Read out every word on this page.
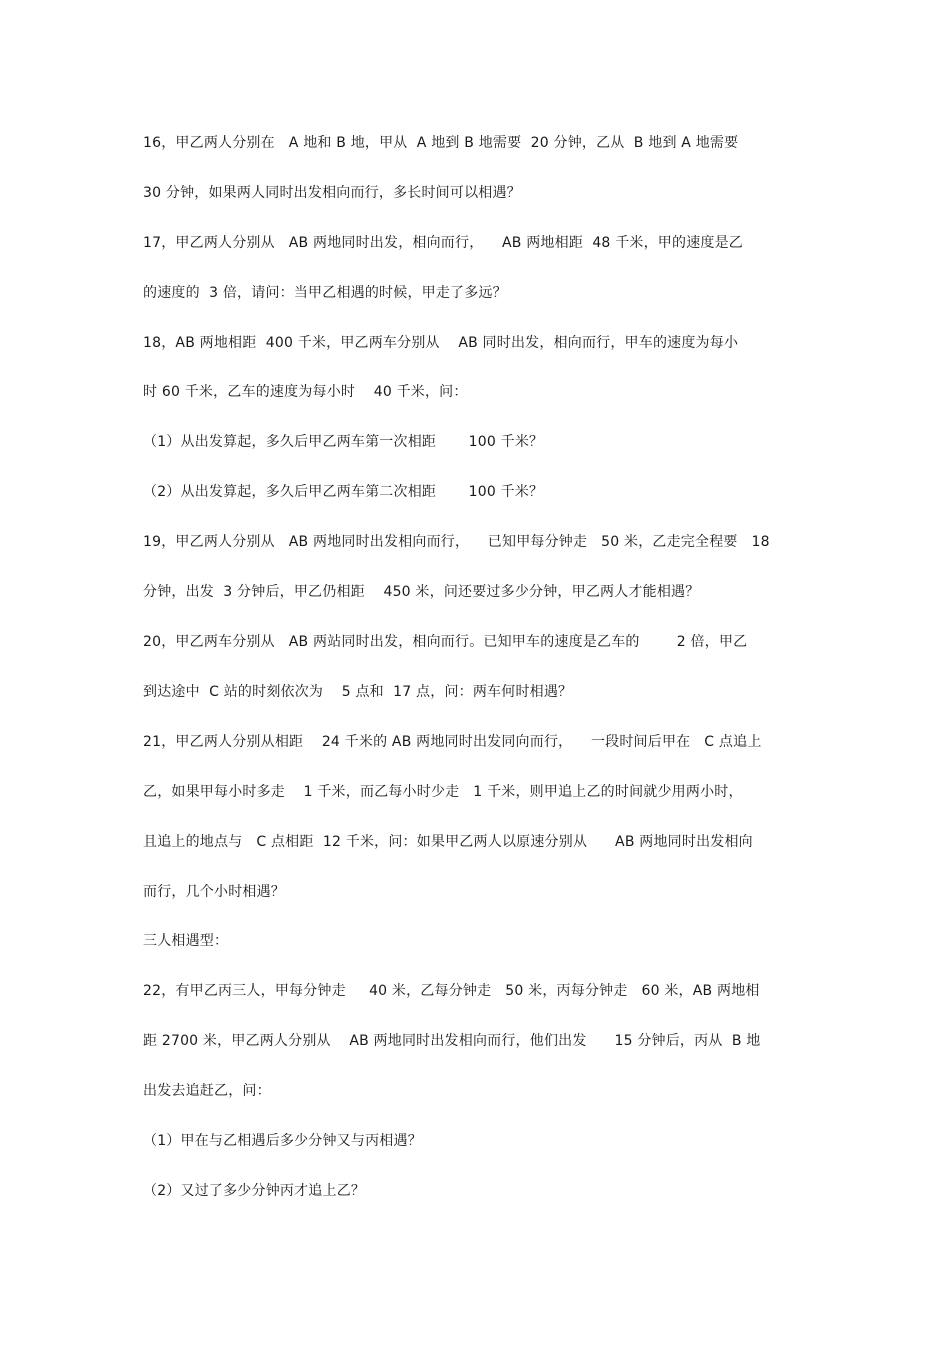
16，甲乙两人分别在   A 地和 B 地，甲从  A 地到 B 地需要  20 分钟，乙从  B 地到 A 地需要
30 分钟，如果两人同时出发相向而行，多长时间可以相遇？
17，甲乙两人分别从   AB 两地同时出发，相向而行，    AB 两地相距  48 千米，甲的速度是乙
的速度的  3 倍，请问：当甲乙相遇的时候，甲走了多远？
18，AB 两地相距  400 千米，甲乙两车分别从    AB 同时出发，相向而行，甲车的速度为每小
时 60 千米，乙车的速度为每小时    40 千米，问：
（1）从出发算起，多久后甲乙两车第一次相距       100 千米？
（2）从出发算起，多久后甲乙两车第二次相距       100 千米？
19，甲乙两人分别从   AB 两地同时出发相向而行，    已知甲每分钟走   50 米，乙走完全程要   18
分钟，出发  3 分钟后，甲乙仍相距    450 米，问还要过多少分钟，甲乙两人才能相遇？
20，甲乙两车分别从   AB 两站同时出发，相向而行。已知甲车的速度是乙车的        2 倍，甲乙
到达途中  C 站的时刻依次为    5 点和  17 点，问：两车何时相遇？
21，甲乙两人分别从相距    24 千米的 AB 两地同时出发同向而行，    一段时间后甲在   C 点追上
乙，如果甲每小时多走    1 千米，而乙每小时少走   1 千米，则甲追上乙的时间就少用两小时，
且追上的地点与   C 点相距  12 千米，问：如果甲乙两人以原速分别从      AB 两地同时出发相向
而行，几个小时相遇？
三人相遇型：
22，有甲乙丙三人，甲每分钟走     40 米，乙每分钟走   50 米，丙每分钟走   60 米，AB 两地相
距 2700 米，甲乙两人分别从    AB 两地同时出发相向而行，他们出发      15 分钟后，丙从  B 地
出发去追赶乙，问：
（1）甲在与乙相遇后多少分钟又与丙相遇？
（2）又过了多少分钟丙才追上乙？
